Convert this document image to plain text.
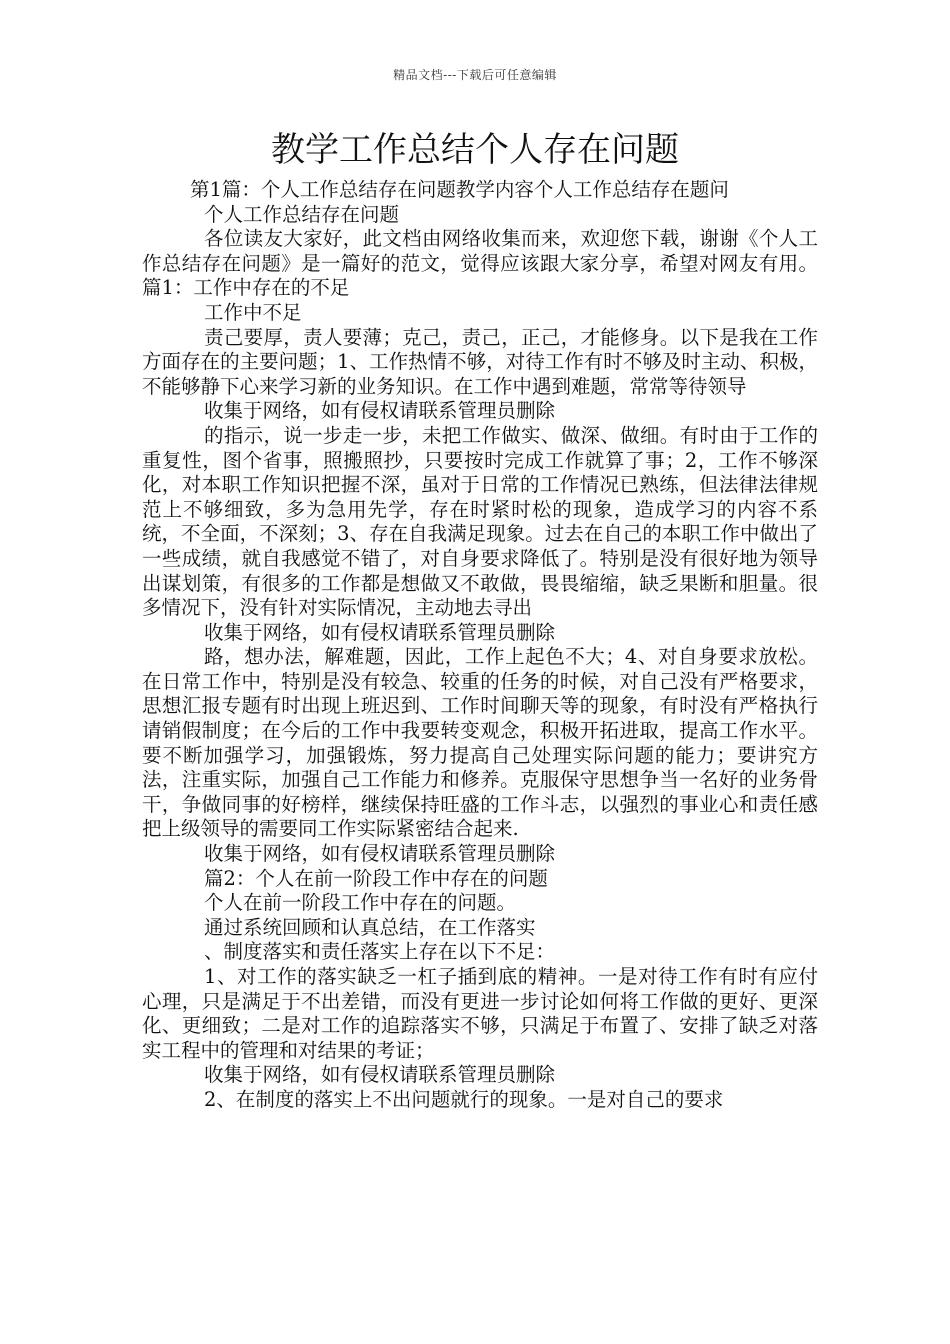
精品文档---下载后可任意编辑
教学工作总结个人存在问题

第1篇：个人工作总结存在问题教学内容个人工作总结存在题问

个人工作总结存在问题

各位读友大家好，此文档由网络收集而来，欢迎您下载，谢谢《个人工作总结存在问题》是一篇好的范文，觉得应该跟大家分享，希望对网友有用。篇1：工作中存在的不足

工作中不足

责己要厚，责人要薄；克己，责己，正己，才能修身。以下是我在工作方面存在的主要问题；1、工作热情不够，对待工作有时不够及时主动、积极，不能够静下心来学习新的业务知识。在工作中遇到难题，常常等待领导

收集于网络，如有侵权请联系管理员删除

的指示，说一步走一步，未把工作做实、做深、做细。有时由于工作的重复性，图个省事，照搬照抄，只要按时完成工作就算了事；2，工作不够深化，对本职工作知识把握不深，虽对于日常的工作情况已熟练，但法律法律规范上不够细致，多为急用先学，存在时紧时松的现象，造成学习的内容不系统，不全面，不深刻；3、存在自我满足现象。过去在自己的本职工作中做出了一些成绩，就自我感觉不错了，对自身要求降低了。特别是没有很好地为领导出谋划策，有很多的工作都是想做又不敢做，畏畏缩缩，缺乏果断和胆量。很多情况下，没有针对实际情况，主动地去寻出

收集于网络，如有侵权请联系管理员删除

路，想办法，解难题，因此，工作上起色不大；4、对自身要求放松。在日常工作中，特别是没有较急、较重的任务的时候，对自己没有严格要求，思想汇报专题有时出现上班迟到、工作时间聊天等的现象，有时没有严格执行请销假制度；在今后的工作中我要转变观念，积极开拓进取，提高工作水平。要不断加强学习，加强锻炼，努力提高自己处理实际问题的能力；要讲究方法，注重实际，加强自己工作能力和修养。克服保守思想争当一名好的业务骨干，争做同事的好榜样，继续保持旺盛的工作斗志，以强烈的事业心和责任感把上级领导的需要同工作实际紧密结合起来.

收集于网络，如有侵权请联系管理员删除

篇2：个人在前一阶段工作中存在的问题

个人在前一阶段工作中存在的问题。

通过系统回顾和认真总结，在工作落实

、制度落实和责任落实上存在以下不足：

1、对工作的落实缺乏一杠子插到底的精神。一是对待工作有时有应付心理，只是满足于不出差错，而没有更进一步讨论如何将工作做的更好、更深化、更细致；二是对工作的追踪落实不够，只满足于布置了、安排了缺乏对落实工程中的管理和对结果的考证；

收集于网络，如有侵权请联系管理员删除

2、在制度的落实上不出问题就行的现象。一是对自己的要求
